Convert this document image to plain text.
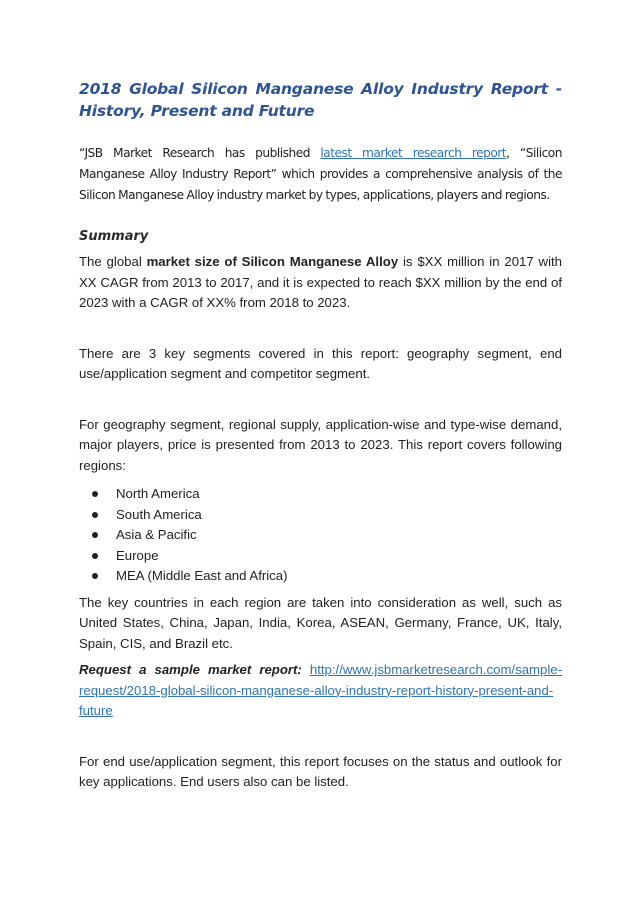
2018 Global Silicon Manganese Alloy Industry Report - History, Present and Future

“JSB Market Research has published latest market research report, “Silicon Manganese Alloy Industry Report” which provides a comprehensive analysis of the Silicon Manganese Alloy industry market by types, applications, players and regions.

Summary

The global market size of Silicon Manganese Alloy is $XX million in 2017 with XX CAGR from 2013 to 2017, and it is expected to reach $XX million by the end of 2023 with a CAGR of XX% from 2018 to 2023.

There are 3 key segments covered in this report: geography segment, end use/application segment and competitor segment.

For geography segment, regional supply, application-wise and type-wise demand, major players, price is presented from 2013 to 2023. This report covers following regions:

North America
South America
Asia & Pacific
Europe
MEA (Middle East and Africa)

The key countries in each region are taken into consideration as well, such as United States, China, Japan, India, Korea, ASEAN, Germany, France, UK, Italy, Spain, CIS, and Brazil etc.

Request a sample market report: http://www.jsbmarketresearch.com/sample-request/2018-global-silicon-manganese-alloy-industry-report-history-present-and-future

For end use/application segment, this report focuses on the status and outlook for key applications. End users also can be listed.
